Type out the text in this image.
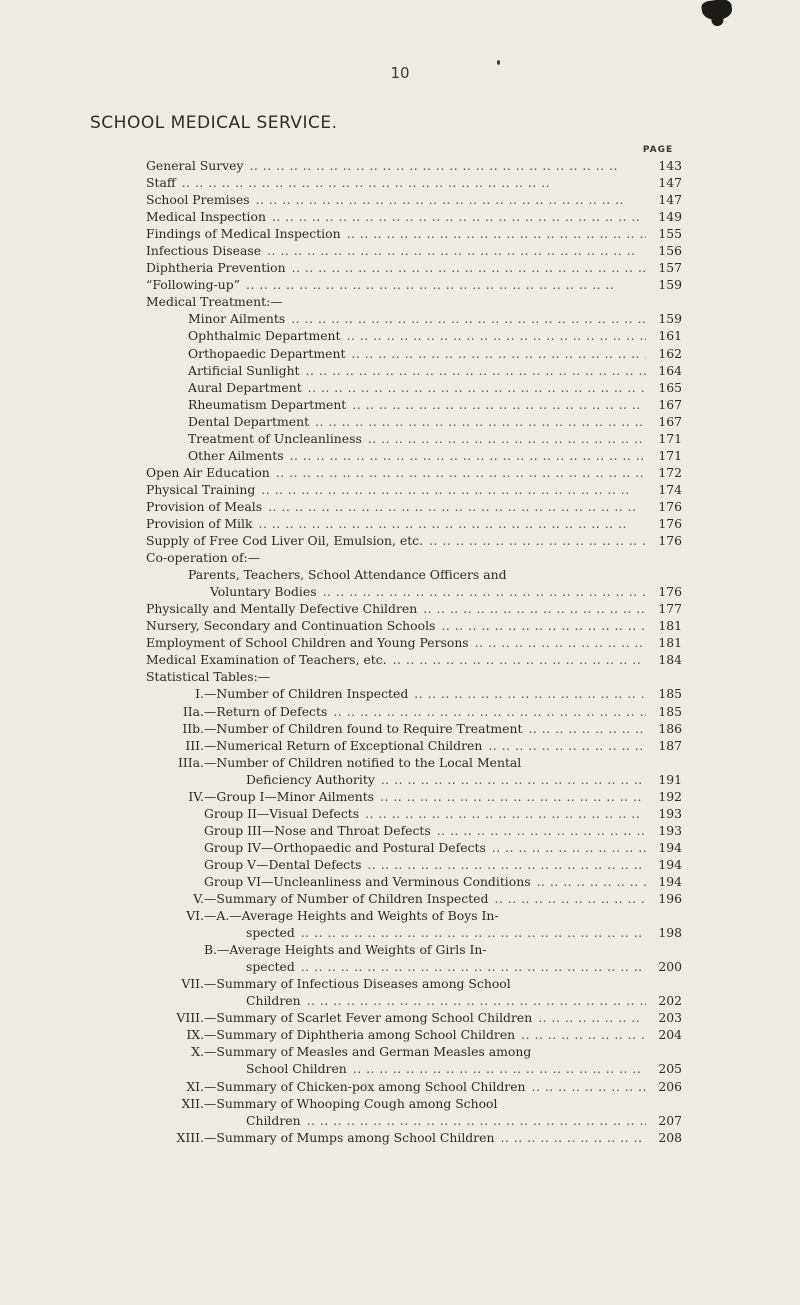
10
SCHOOL MEDICAL SERVICE.
PAGE
General Survey .. ..	143
Staff .. ..	147
School Premises .. ..	147
Medical Inspection .. ..	149
Findings of Medical Inspection .. ..	155
Infectious Disease .. ..	156
Diphtheria Prevention .. ..	157
“Following-up” .. ..	159
Medical Treatment:—
Minor Ailments .. ..	159
Ophthalmic Department .. ..	161
Orthopaedic Department .. ..	162
Artificial Sunlight .. ..	164
Aural Department .. ..	165
Rheumatism Department .. ..	167
Dental Department .. ..	167
Treatment of Uncleanliness .. ..	171
Other Ailments .. ..	171
Open Air Education .. ..	172
Physical Training .. ..	174
Provision of Meals .. ..	176
Provision of Milk .. ..	176
Supply of Free Cod Liver Oil, Emulsion, etc. .. ..	176
Co-operation of:—
Parents, Teachers, School Attendance Officers and
Voluntary Bodies .. ..	176
Physically and Mentally Defective Children .. ..	177
Nursery, Secondary and Continuation Schools .. ..	181
Employment of School Children and Young Persons .. ..	181
Medical Examination of Teachers, etc. .. ..	184
Statistical Tables:—
I. —Number of Children Inspected .. ..	185
IIa. —Return of Defects .. ..	185
IIb. —Number of Children found to Require Treatment .. ..	186
III. —Numerical Return of Exceptional Children .. ..	187
IIIa. —Number of Children notified to the Local Mental
Deficiency Authority .. ..	191
IV. —Group I—Minor Ailments .. ..	192
Group II—Visual Defects .. ..	193
Group III—Nose and Throat Defects .. ..	193
Group IV—Orthopaedic and Postural Defects .. ..	194
Group V—Dental Defects .. ..	194
Group VI—Uncleanliness and Verminous Conditions .. ..	194
V. —Summary of Number of Children Inspected .. ..	196
VI. —A.—Average Heights and Weights of Boys In-
spected .. ..	198
B.—Average Heights and Weights of Girls In-
spected .. ..	200
VII. —Summary of Infectious Diseases among School
Children .. ..	202
VIII. —Summary of Scarlet Fever among School Children .. ..	203
IX. —Summary of Diphtheria among School Children .. ..	204
X. —Summary of Measles and German Measles among
School Children .. ..	205
XI. —Summary of Chicken-pox among School Children .. ..	206
XII. —Summary of Whooping Cough among School
Children .. ..	207
XIII. —Summary of Mumps among School Children .. ..	208
